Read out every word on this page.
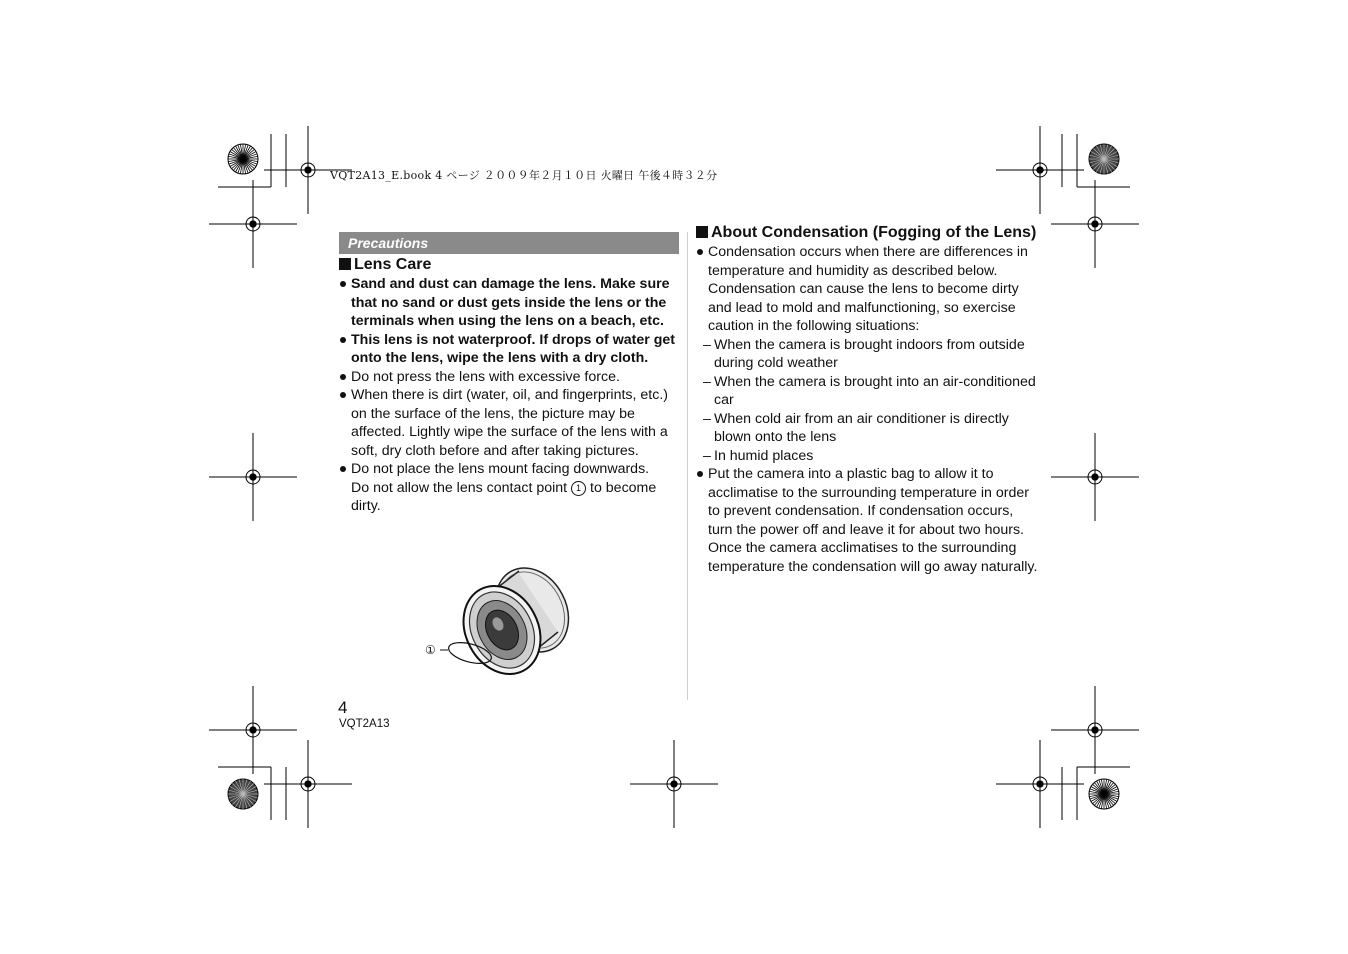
VQT2A13_E.book 4 ページ ２００９年２月１０日 火曜日 午後４時３２分
Precautions
Lens Care
Sand and dust can damage the lens. Make sure that no sand or dust gets inside the lens or the terminals when using the lens on a beach, etc.
This lens is not waterproof. If drops of water get onto the lens, wipe the lens with a dry cloth.
Do not press the lens with excessive force.
When there is dirt (water, oil, and fingerprints, etc.) on the surface of the lens, the picture may be affected. Lightly wipe the surface of the lens with a soft, dry cloth before and after taking pictures.
Do not place the lens mount facing downwards.
Do not allow the lens contact point 1 to become dirty.
①
About Condensation (Fogging of the Lens)
Condensation occurs when there are differences in temperature and humidity as described below. Condensation can cause the lens to become dirty and lead to mold and malfunctioning, so exercise caution in the following situations:
– When the camera is brought indoors from outside during cold weather
– When the camera is brought into an air-conditioned car
– When cold air from an air conditioner is directly blown onto the lens
– In humid places
Put the camera into a plastic bag to allow it to acclimatise to the surrounding temperature in order to prevent condensation. If condensation occurs, turn the power off and leave it for about two hours. Once the camera acclimatises to the surrounding temperature the condensation will go away naturally.
4
VQT2A13
